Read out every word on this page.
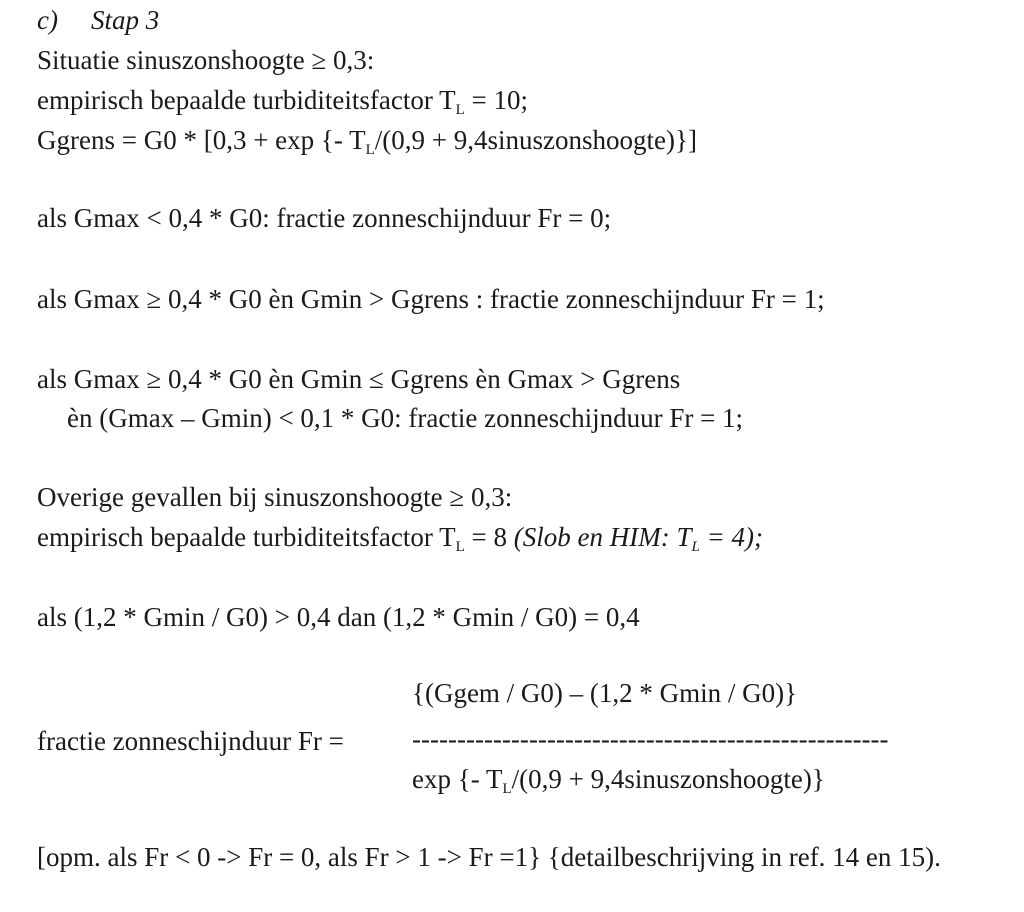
c) Stap 3
Situatie sinuszonshoogte ≥ 0,3:
empirisch bepaalde turbiditeitsfactor $T_L = 10$;
Ggrens = G0 * [0,3 + exp {- $T_L/(0,9$ + 9,4sinuszonshoogte)}]
als Gmax < 0,4 * G0: fractie zonneschijnduur Fr = 0;
als Gmax ≥ 0,4 * G0 èn Gmin > Ggrens : fractie zonneschijnduur Fr = 1;
als Gmax ≥ 0,4 * G0 èn Gmin ≤ Ggrens èn Gmax > Ggrens
èn (Gmax – Gmin) < 0,1 * G0: fractie zonneschijnduur Fr = 1;
Overige gevallen bij sinuszonshoogte ≥ 0,3:
empirisch bepaalde turbiditeitsfactor $T_L = 8$ (Slob en HIM: $T_L = 4$);
als (1,2 * Gmin / G0) > 0,4 dan (1,2 * Gmin / G0) = 0,4
{(Ggem / G0) – (1,2 * Gmin / G0)}
fractie zonneschijnduur Fr =	-----------------------------------------------------
exp {- $T_L/(0,9$ + 9,4sinuszonshoogte)}
[opm. als Fr < 0 -> Fr = 0, als Fr > 1 -> Fr =1} {detailbeschrijving in ref. 14 en 15).
